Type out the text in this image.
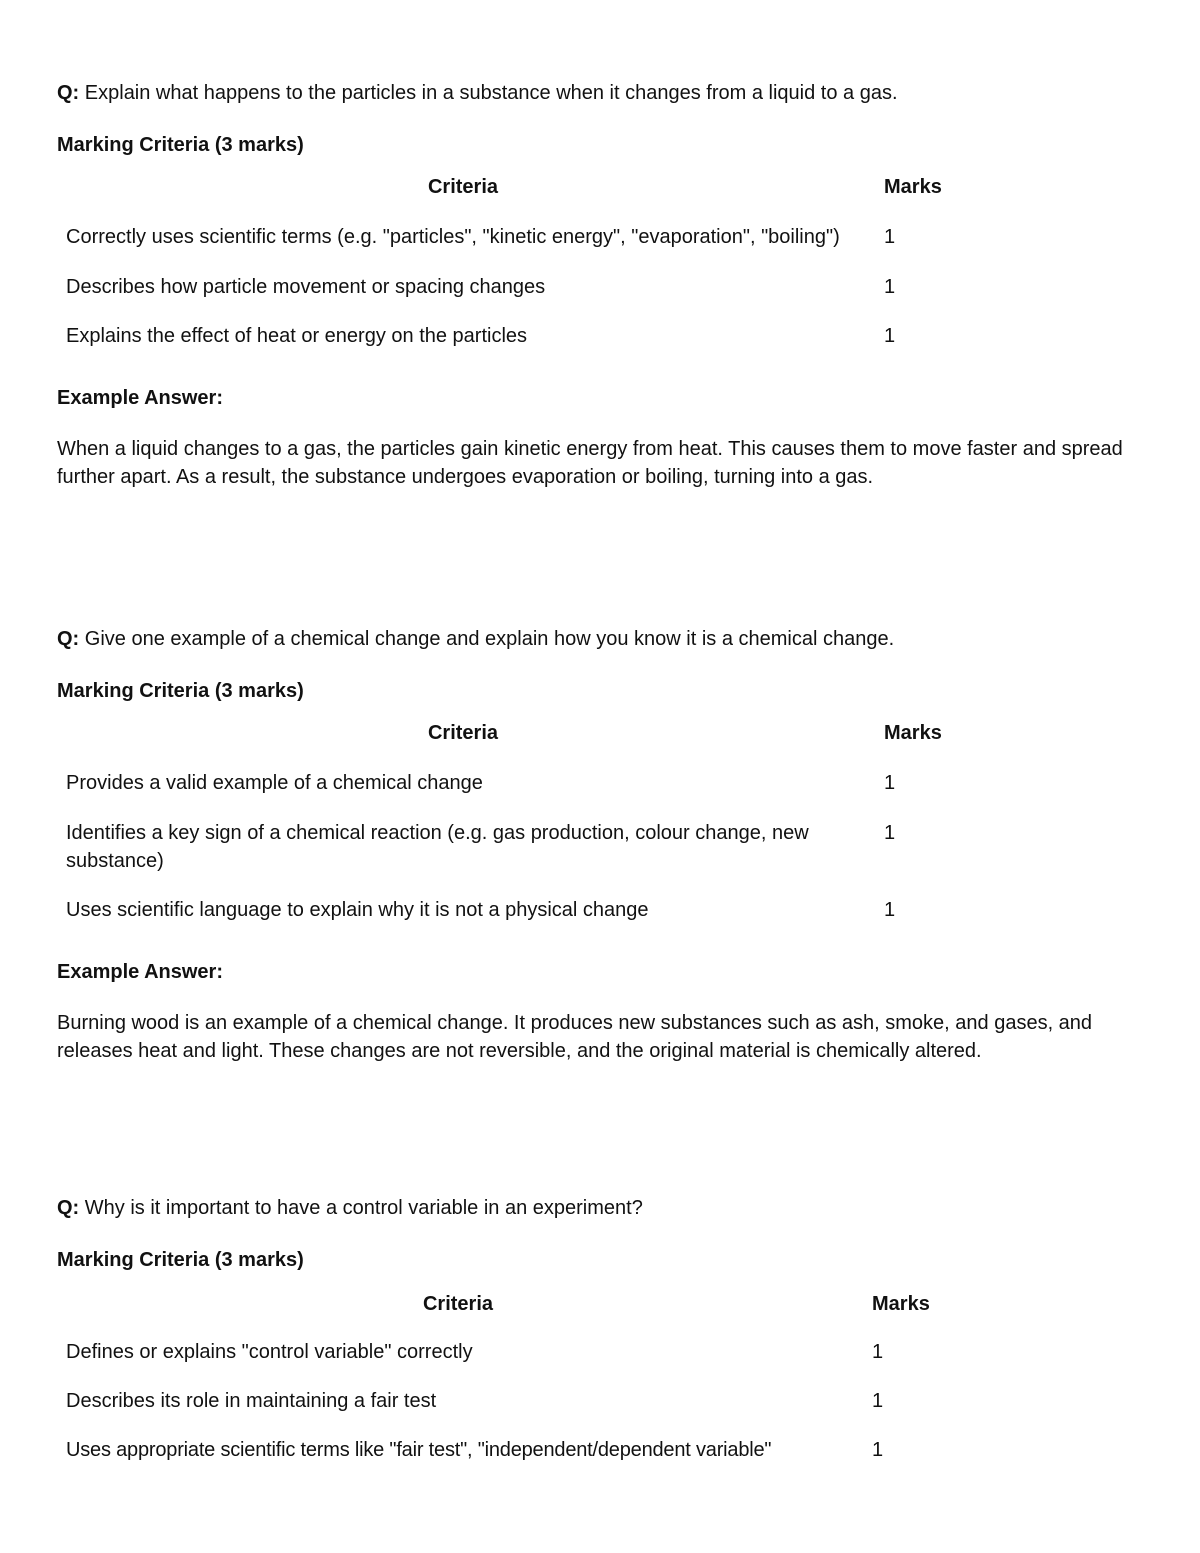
Q: Explain what happens to the particles in a substance when it changes from a liquid to a gas.

Marking Criteria (3 marks)

Criteria	Marks
Correctly uses scientific terms (e.g. "particles", "kinetic energy", "evaporation", "boiling")	1
Describes how particle movement or spacing changes	1
Explains the effect of heat or energy on the particles	1

Example Answer:

When a liquid changes to a gas, the particles gain kinetic energy from heat. This causes them to move faster and spread further apart. As a result, the substance undergoes evaporation or boiling, turning into a gas.

Q: Give one example of a chemical change and explain how you know it is a chemical change.

Marking Criteria (3 marks)

Criteria	Marks
Provides a valid example of a chemical change	1
Identifies a key sign of a chemical reaction (e.g. gas production, colour change, new substance)	1
Uses scientific language to explain why it is not a physical change	1

Example Answer:

Burning wood is an example of a chemical change. It produces new substances such as ash, smoke, and gases, and releases heat and light. These changes are not reversible, and the original material is chemically altered.

Q: Why is it important to have a control variable in an experiment?

Marking Criteria (3 marks)

Criteria	Marks
Defines or explains "control variable" correctly	1
Describes its role in maintaining a fair test	1
Uses appropriate scientific terms like "fair test", "independent/dependent variable"	1
